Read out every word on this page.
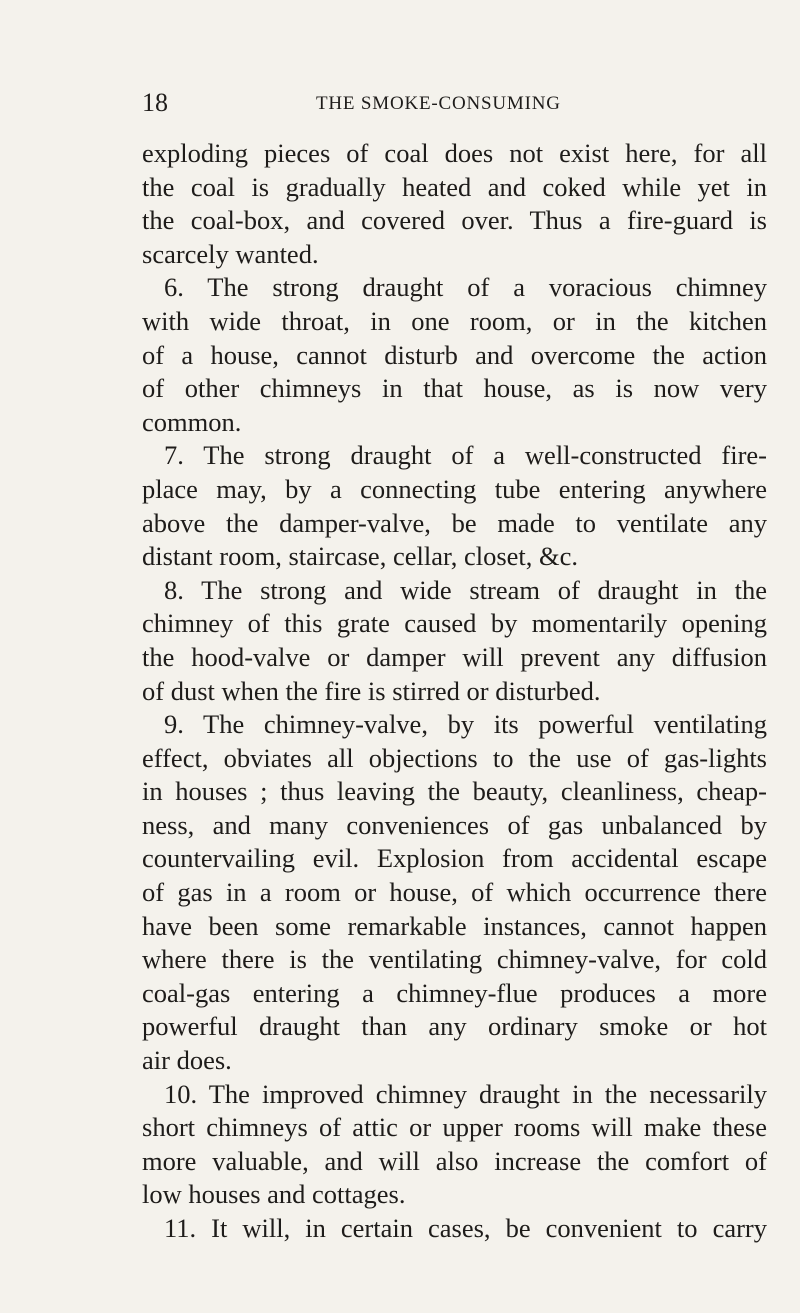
18	THE SMOKE-CONSUMING

exploding pieces of coal does not exist here, for all
the coal is gradually heated and coked while yet in
the coal-box, and covered over. Thus a fire-guard is
scarcely wanted.

6. The strong draught of a voracious chimney
with wide throat, in one room, or in the kitchen
of a house, cannot disturb and overcome the action
of other chimneys in that house, as is now very
common.

7. The strong draught of a well-constructed fire-
place may, by a connecting tube entering anywhere
above the damper-valve, be made to ventilate any
distant room, staircase, cellar, closet, &c.

8. The strong and wide stream of draught in the
chimney of this grate caused by momentarily opening
the hood-valve or damper will prevent any diffusion
of dust when the fire is stirred or disturbed.

9. The chimney-valve, by its powerful ventilating
effect, obviates all objections to the use of gas-lights
in houses ; thus leaving the beauty, cleanliness, cheap-
ness, and many conveniences of gas unbalanced by
countervailing evil. Explosion from accidental escape
of gas in a room or house, of which occurrence there
have been some remarkable instances, cannot happen
where there is the ventilating chimney-valve, for cold
coal-gas entering a chimney-flue produces a more
powerful draught than any ordinary smoke or hot
air does.

10. The improved chimney draught in the necessarily
short chimneys of attic or upper rooms will make these
more valuable, and will also increase the comfort of
low houses and cottages.

11. It will, in certain cases, be convenient to carry
